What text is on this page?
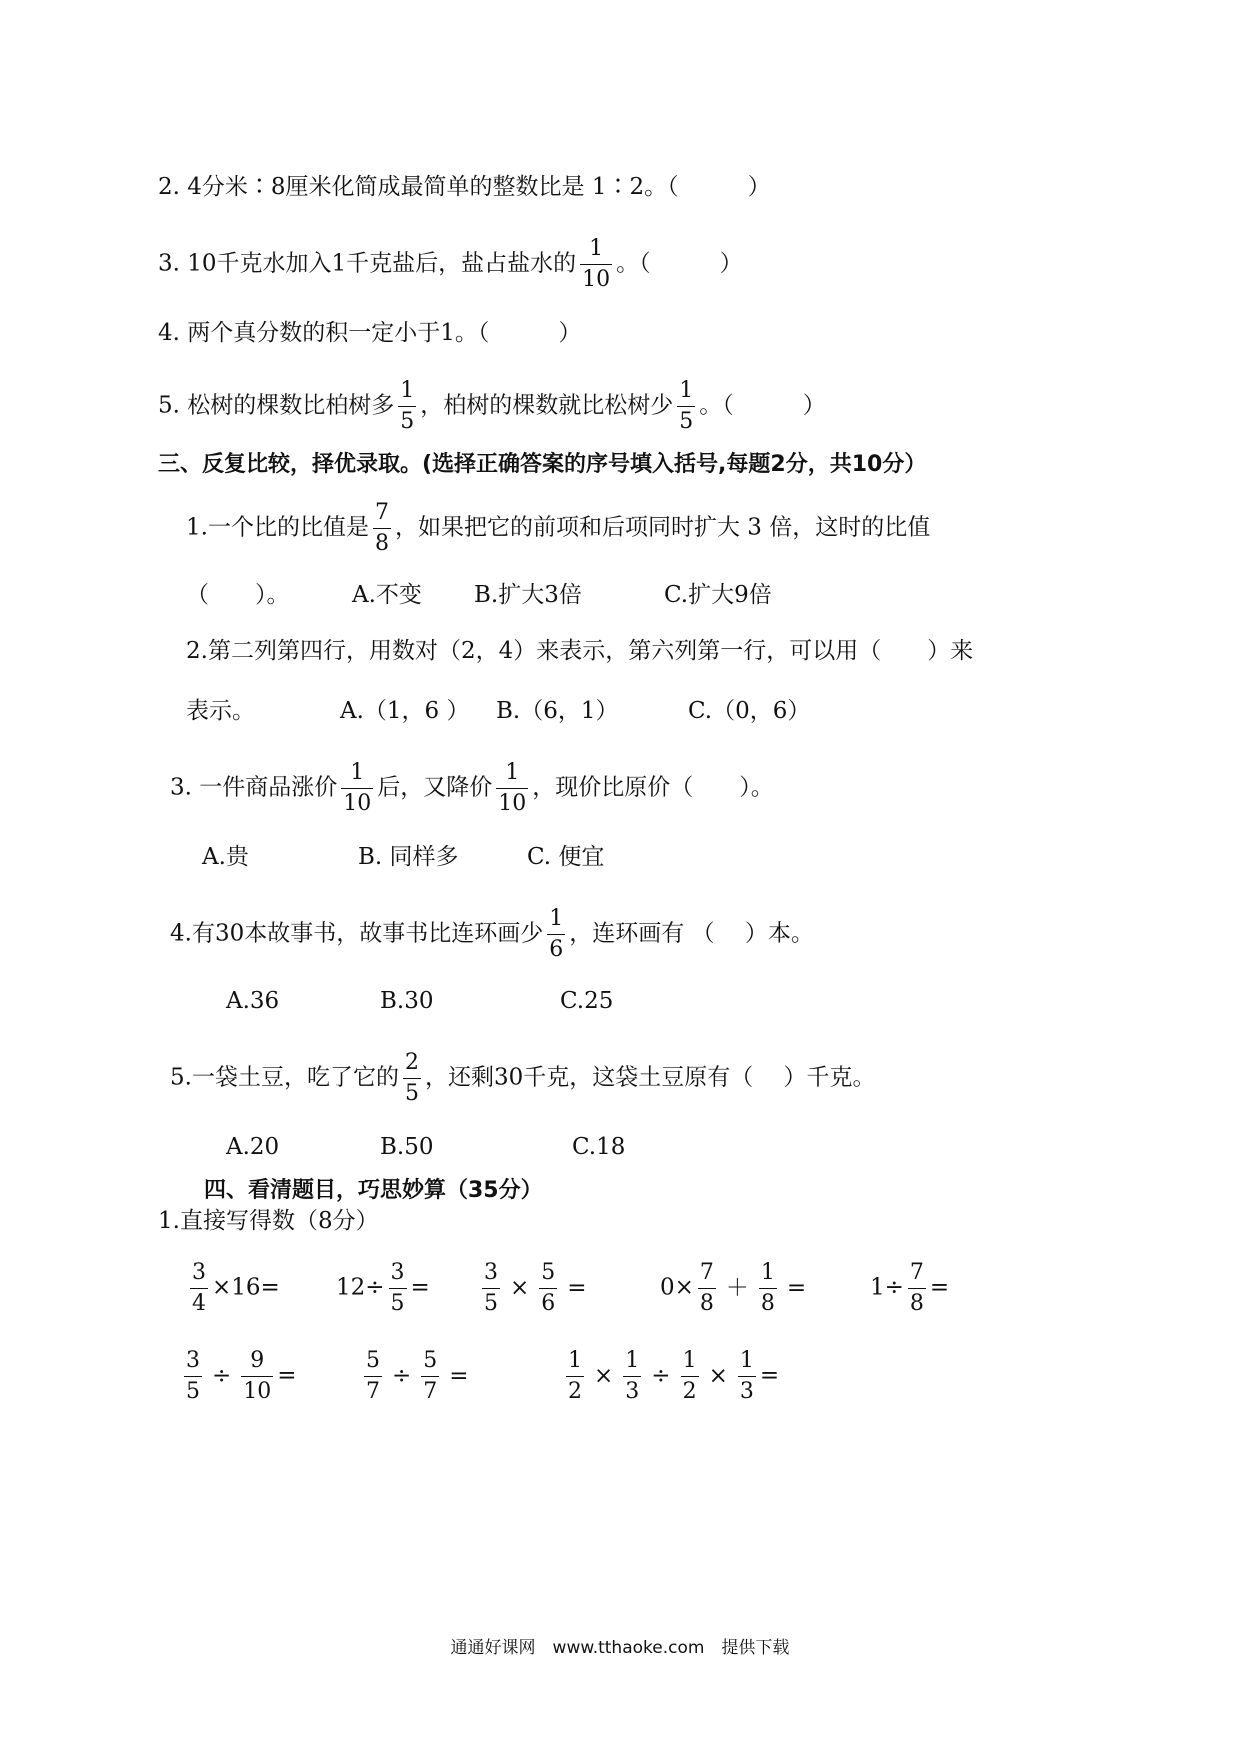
2. 4分米∶8厘米化简成最简单的整数比是 1∶2。（　　　）
3. 10千克水加入1千克盐后，盐占盐水的 $\frac{1}{10}$ 。（　　　）
4. 两个真分数的积一定小于1。（　　　）
5. 松树的棵数比柏树多 $\frac{1}{5}$ ，柏树的棵数就比松树少 $\frac{1}{5}$ 。（　　　）
三、反复比较，择优录取。(选择正确答案的序号填入括号,每题2分，共10分）
1.一个比的比值是 $\frac{7}{8}$ ，如果把它的前项和后项同时扩大 3 倍，这时的比值
（　　）。	A.不变 B.扩大3倍	C.扩大9倍
2.第二列第四行，用数对（2，4）来表示，第六列第一行，可以用（　　）来
表示。	A.（1，6 ） B.（6，1）	C.（0，6）
3. 一件商品涨价 $\frac{1}{10}$ 后，又降价 $\frac{1}{10}$ ，现价比原价（　　）。
A.贵	B. 同样多	C. 便宜
4.有30本故事书，故事书比连环画少 $\frac{1}{6}$ ，连环画有 （　 ）本。
A.36	B.30	C.25
5.一袋土豆，吃了它的 $\frac{2}{5}$ ，还剩30千克，这袋土豆原有（　 ）千克。
A.20	B.50	C.18
四、看清题目，巧思妙算（35分）
1.直接写得数（8分）
$\frac{3}{4} \times 16= 12\div \frac{3}{5} = \frac{3}{5} \times \frac{5}{6}$ =	$0\times \frac{7}{8} + \frac{1}{8}$ =	$1\div \frac{7}{8}$ =
$\frac{3}{5} \div \frac{9}{10}$ =	$\frac{5}{7} \div \frac{5}{7}$ =	$\frac{1}{2} \times \frac{1}{3} \div \frac{1}{2} \times \frac{1}{3}$ =
通通好课网　www.tthaoke.com　提供下载
